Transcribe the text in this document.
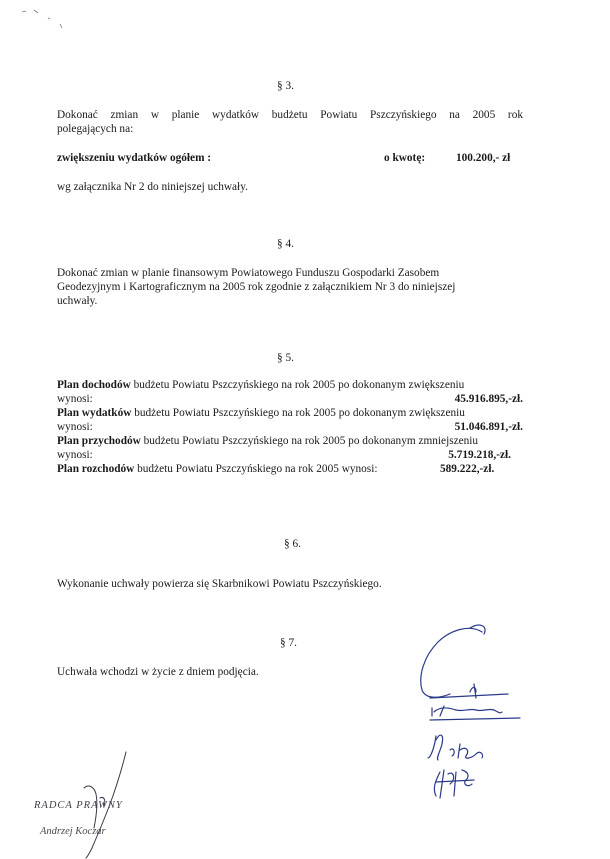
§ 3.
Dokonać zmian w planie wydatków budżetu Powiatu Pszczyńskiego na 2005 rok
polegających na:
zwiększeniu wydatków ogółem :	o kwotę:	100.200,- zł
wg załącznika Nr 2 do niniejszej uchwały.
§ 4.
Dokonać zmian w planie finansowym Powiatowego Funduszu Gospodarki Zasobem
Geodezyjnym i Kartograficznym na 2005 rok zgodnie z załącznikiem Nr 3 do niniejszej
uchwały.
§ 5.
Plan dochodów budżetu Powiatu Pszczyńskiego na rok 2005 po dokonanym zwiększeniu
wynosi:	45.916.895,-zł.
Plan wydatków budżetu Powiatu Pszczyńskiego na rok 2005 po dokonanym zwiększeniu
wynosi:	51.046.891,-zł.
Plan przychodów budżetu Powiatu Pszczyńskiego na rok 2005 po dokonanym zmniejszeniu
wynosi:	5.719.218,-zł.
Plan rozchodów budżetu Powiatu Pszczyńskiego na rok 2005 wynosi:	589.222,-zł.
§ 6.
Wykonanie uchwały powierza się Skarbnikowi Powiatu Pszczyńskiego.
§ 7.
Uchwała wchodzi w życie z dniem podjęcia.
RADCA PRAWNY
Andrzej Koczar
